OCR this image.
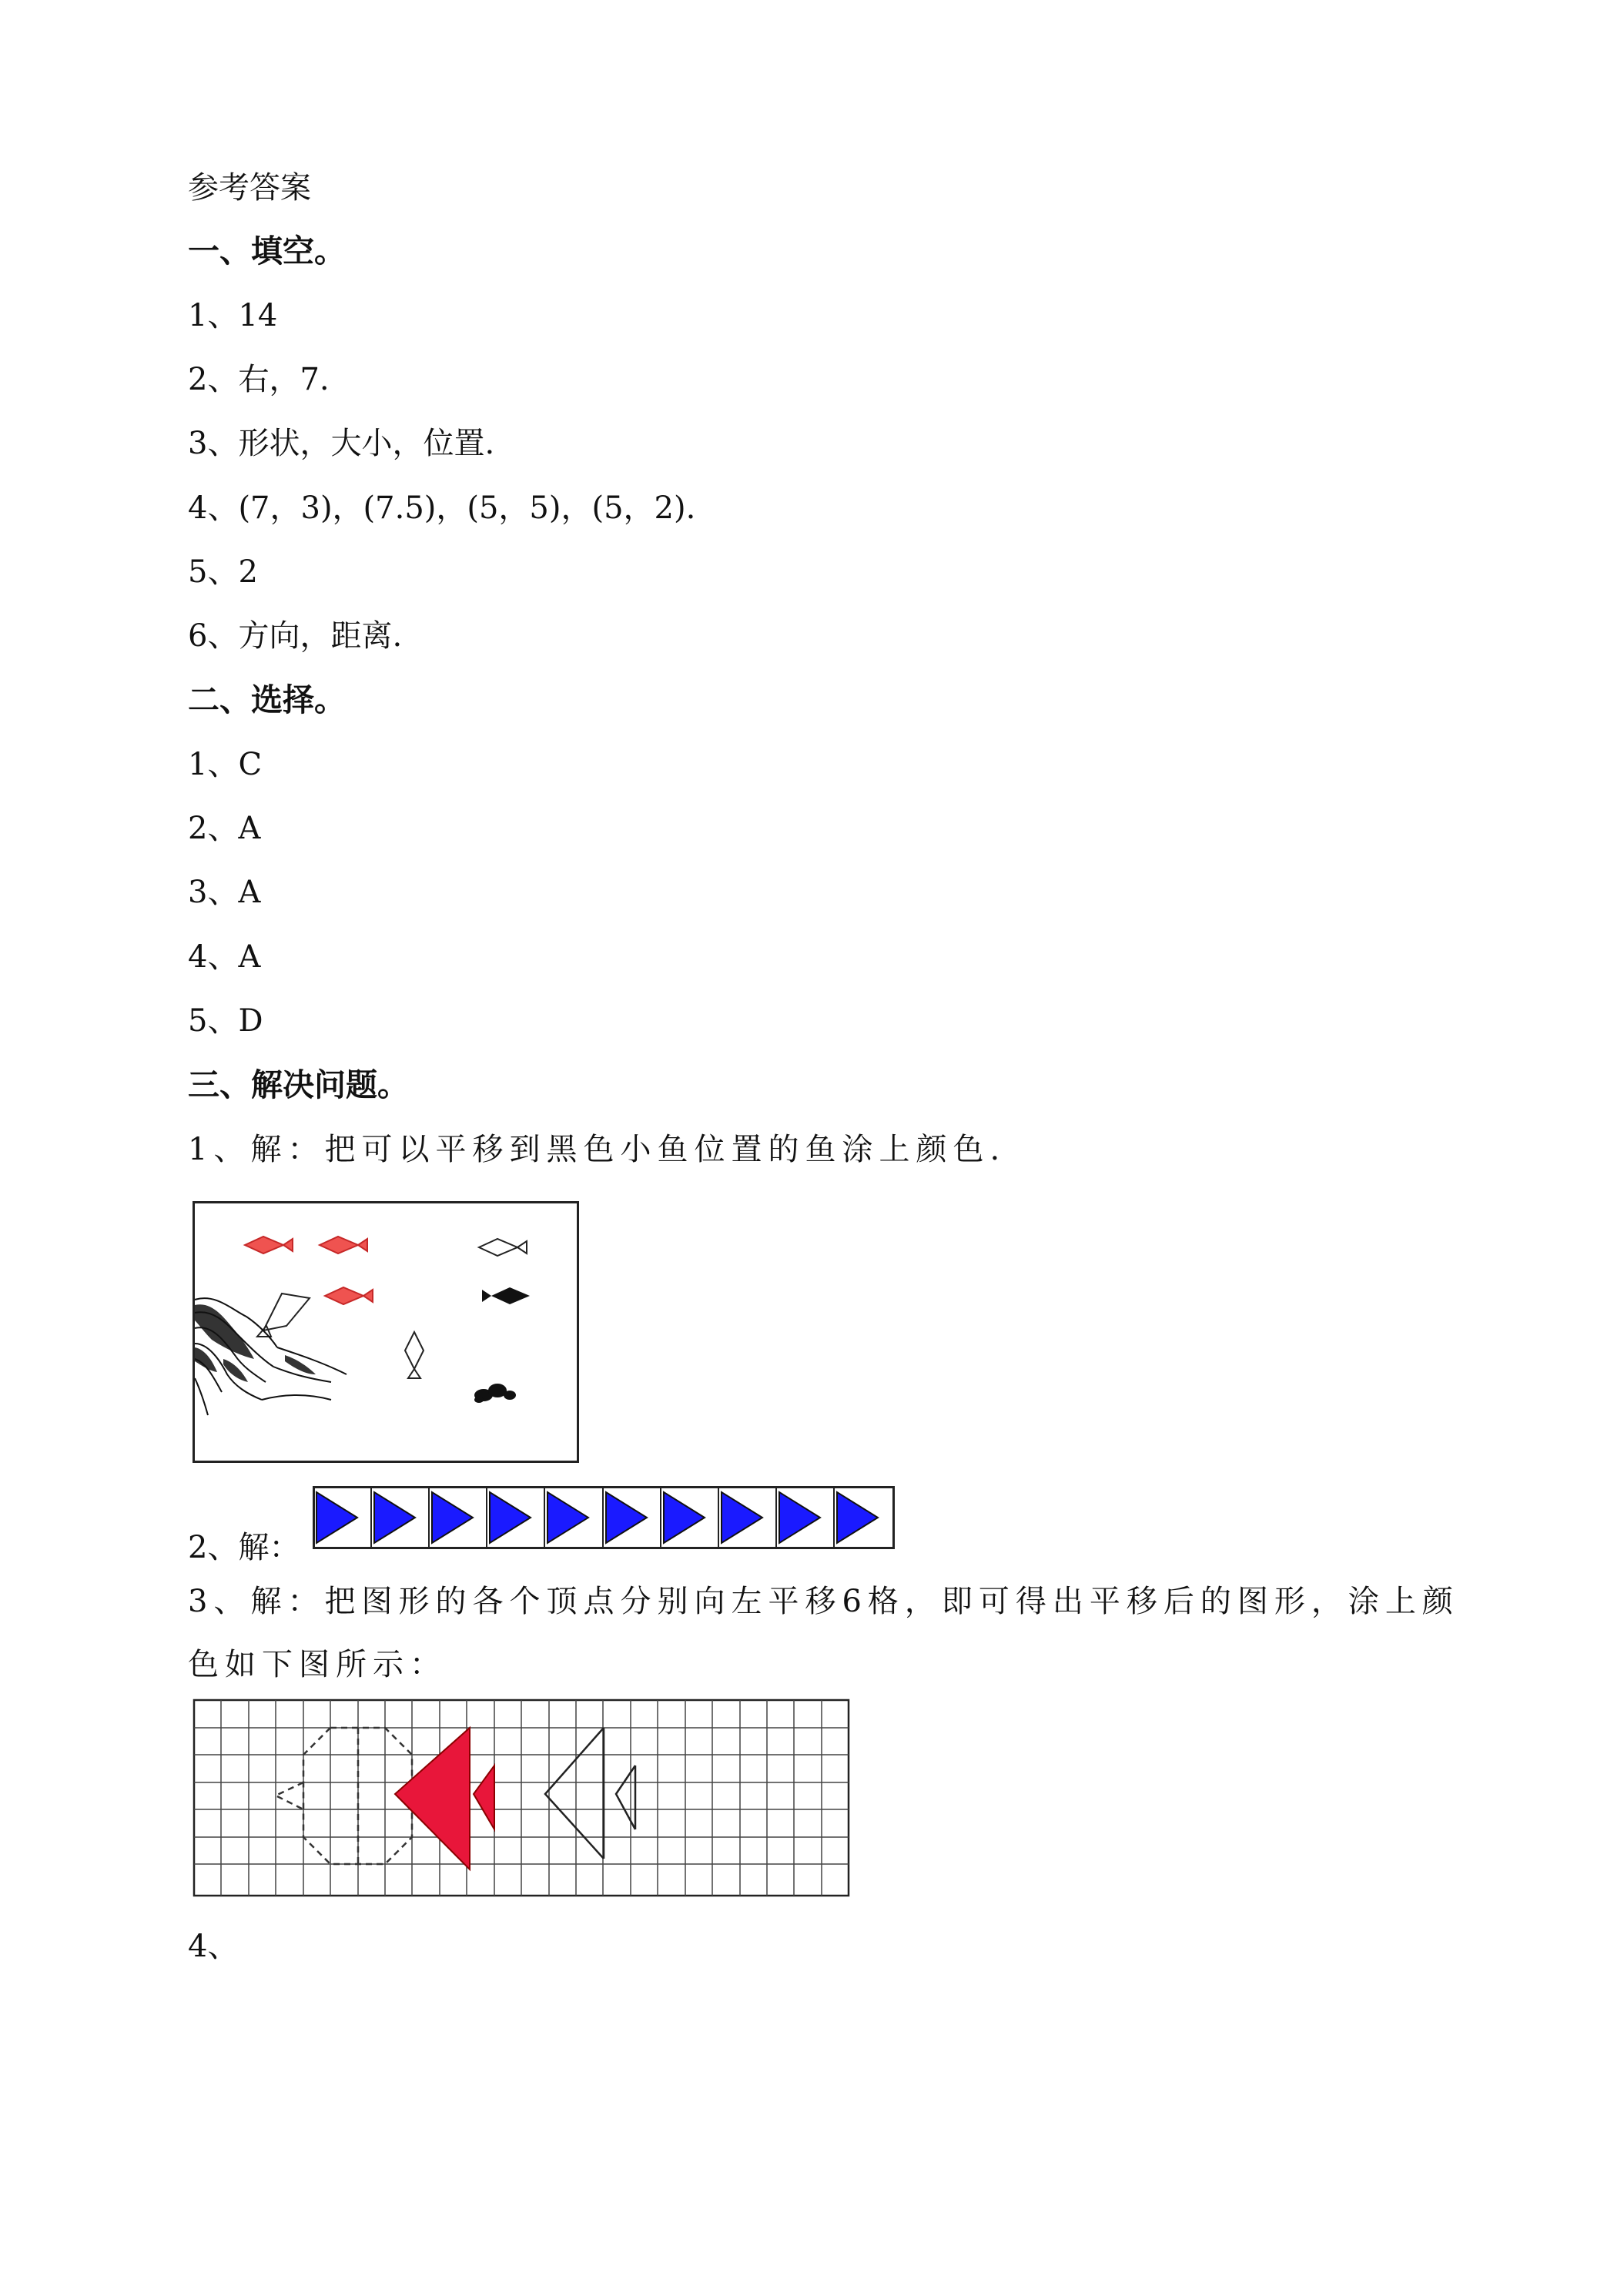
参考答案
一、填空。
1、14
2、右，7.
3、形状，大小，位置.
4、(7，3)，(7.5)，(5，5)，(5，2).
5、2
6、方向，距离.
二、选择。
1、C
2、A
3、A
4、A
5、D
三、解决问题。
1、解：把可以平移到黑色小鱼位置的鱼涂上颜色.
2、解：
3、解：把图形的各个顶点分别向左平移6格，即可得出平移后的图形，涂上颜
色如下图所示：
4、
